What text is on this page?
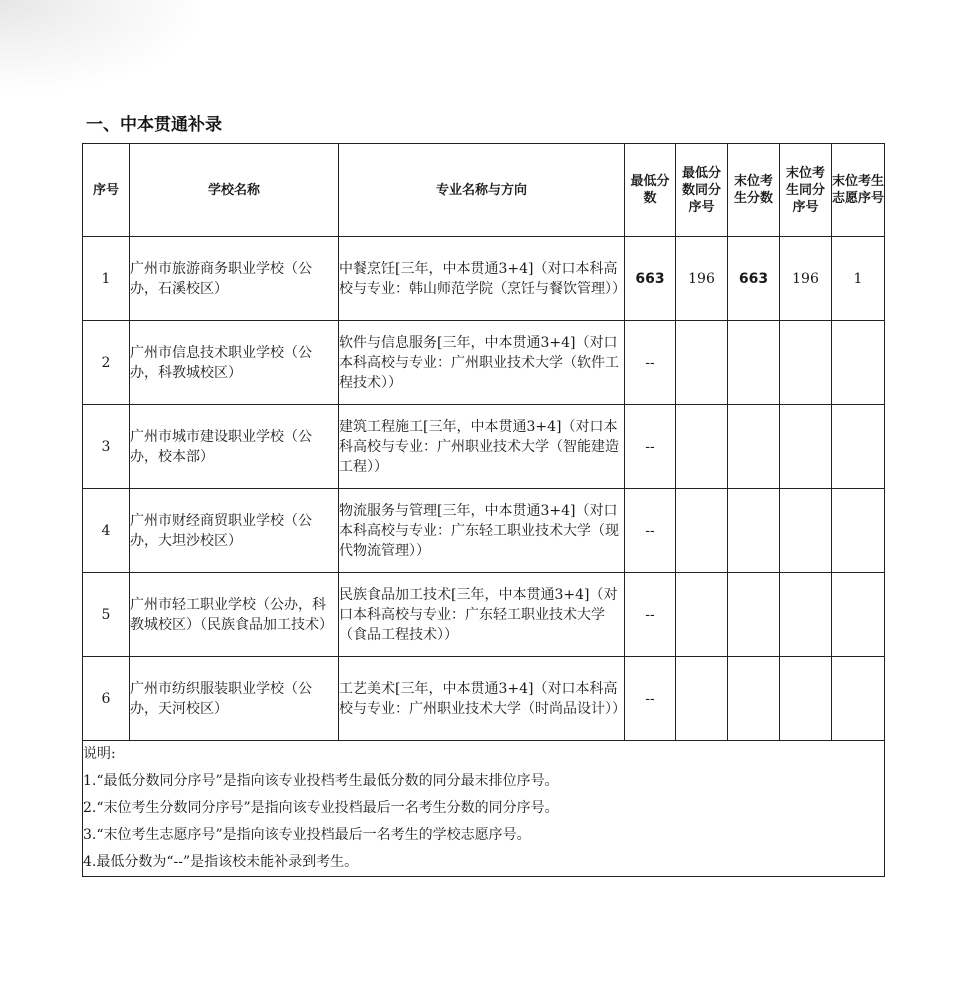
一、中本贯通补录
序号	学校名称	专业名称与方向	最低分数	最低分数同分序号	末位考生分数	末位考生同分序号	末位考生志愿序号
1	广州市旅游商务职业学校（公办，石溪校区）	中餐烹饪[三年，中本贯通3+4]（对口本科高校与专业：韩山师范学院（烹饪与餐饮管理））	663	196	663	196	1
2	广州市信息技术职业学校（公办，科教城校区）	软件与信息服务[三年，中本贯通3+4]（对口本科高校与专业：广州职业技术大学（软件工程技术））	--				
3	广州市城市建设职业学校（公办，校本部）	建筑工程施工[三年，中本贯通3+4]（对口本科高校与专业：广州职业技术大学（智能建造工程））	--				
4	广州市财经商贸职业学校（公办，大坦沙校区）	物流服务与管理[三年，中本贯通3+4]（对口本科高校与专业：广东轻工职业技术大学（现代物流管理））	--				
5	广州市轻工职业学校（公办，科教城校区）（民族食品加工技术）	民族食品加工技术[三年，中本贯通3+4]（对口本科高校与专业：广东轻工职业技术大学（食品工程技术））	--				
6	广州市纺织服装职业学校（公办，天河校区）	工艺美术[三年，中本贯通3+4]（对口本科高校与专业：广州职业技术大学（时尚品设计））	--				

说明:
1.“最低分数同分序号”是指向该专业投档考生最低分数的同分最末排位序号。
2.“末位考生分数同分序号”是指向该专业投档最后一名考生分数的同分序号。
3.“末位考生志愿序号”是指向该专业投档最后一名考生的学校志愿序号。
4.最低分数为“--”是指该校未能补录到考生。							
